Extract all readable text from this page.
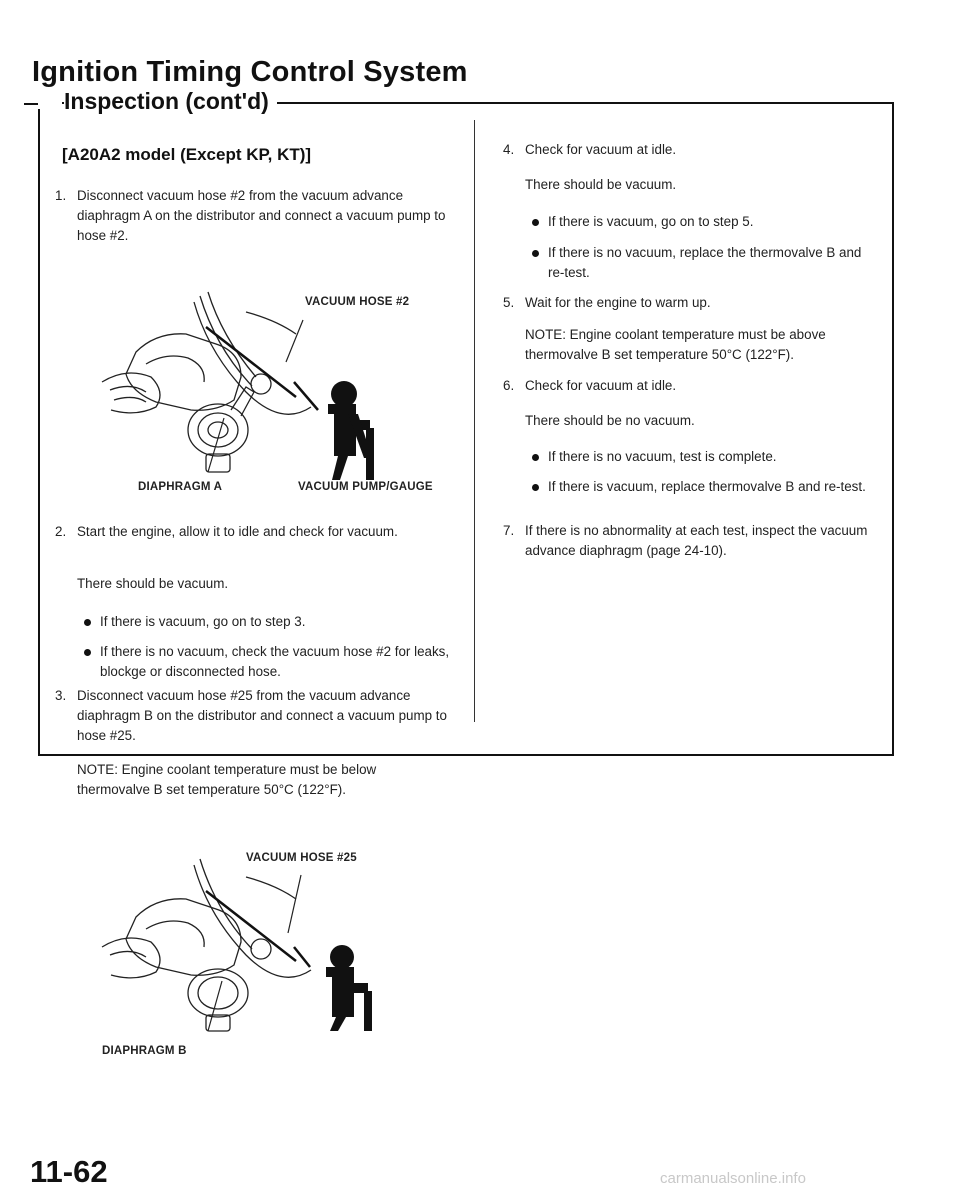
Ignition Timing Control System
Inspection (cont'd)
[A20A2 model (Except KP, KT)]
1. Disconnect vacuum hose #2 from the vacuum advance diaphragm A on the distributor and connect a vacuum pump to hose #2.

VACUUM HOSE #2

DIAPHRAGM A	VACUUM PUMP/GAUGE

2. Start the engine, allow it to idle and check for vacuum.

There should be vacuum.

If there is vacuum, go on to step 3.
If there is no vacuum, check the vacuum hose #2 for leaks, blockge or disconnected hose.
3. Disconnect vacuum hose #25 from the vacuum advance diaphragm B on the distributor and connect a vacuum pump to hose #25.

NOTE: Engine coolant temperature must be below thermovalve B set temperature 50°C (122°F).

VACUUM HOSE #25

DIAPHRAGM B

4. Check for vacuum at idle.

There should be vacuum.

If there is vacuum, go on to step 5.
If there is no vacuum, replace the thermovalve B and re-test.
5. Wait for the engine to warm up.

NOTE: Engine coolant temperature must be above thermovalve B set temperature 50°C (122°F).

6. Check for vacuum at idle.

There should be no vacuum.

If there is no vacuum, test is complete.
If there is vacuum, replace thermovalve B and re-test.
7. If there is no abnormality at each test, inspect the vacuum advance diaphragm (page 24-10).

11-62	carmanualsonline.info
